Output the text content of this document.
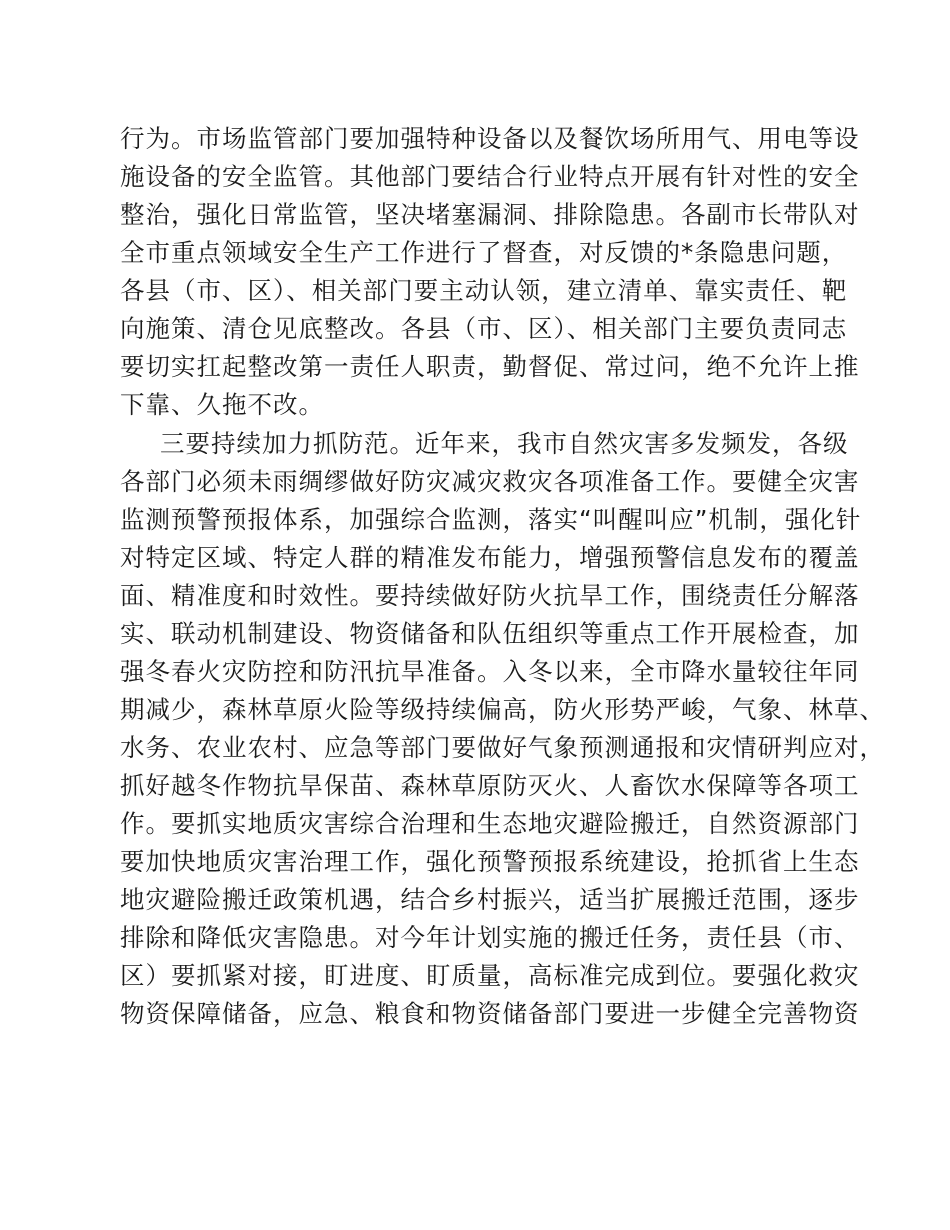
行为。市场监管部门要加强特种设备以及餐饮场所用气、用电等设
施设备的安全监管。其他部门要结合行业特点开展有针对性的安全
整治，强化日常监管，坚决堵塞漏洞、排除隐患。各副市长带队对
全市重点领域安全生产工作进行了督查，对反馈的*条隐患问题，
各县（市、区）、相关部门要主动认领，建立清单、靠实责任、靶
向施策、清仓见底整改。各县（市、区）、相关部门主要负责同志
要切实扛起整改第一责任人职责，勤督促、常过问，绝不允许上推
下靠、久拖不改。
三要持续加力抓防范。近年来，我市自然灾害多发频发，各级
各部门必须未雨绸缪做好防灾减灾救灾各项准备工作。要健全灾害
监测预警预报体系，加强综合监测，落实“叫醒叫应”机制，强化针
对特定区域、特定人群的精准发布能力，增强预警信息发布的覆盖
面、精准度和时效性。要持续做好防火抗旱工作，围绕责任分解落
实、联动机制建设、物资储备和队伍组织等重点工作开展检查，加
强冬春火灾防控和防汛抗旱准备。入冬以来，全市降水量较往年同
期减少，森林草原火险等级持续偏高，防火形势严峻，气象、林草、
水务、农业农村、应急等部门要做好气象预测通报和灾情研判应对，
抓好越冬作物抗旱保苗、森林草原防灭火、人畜饮水保障等各项工
作。要抓实地质灾害综合治理和生态地灾避险搬迁，自然资源部门
要加快地质灾害治理工作，强化预警预报系统建设，抢抓省上生态
地灾避险搬迁政策机遇，结合乡村振兴，适当扩展搬迁范围，逐步
排除和降低灾害隐患。对今年计划实施的搬迁任务，责任县（市、
区）要抓紧对接，盯进度、盯质量，高标准完成到位。要强化救灾
物资保障储备，应急、粮食和物资储备部门要进一步健全完善物资
